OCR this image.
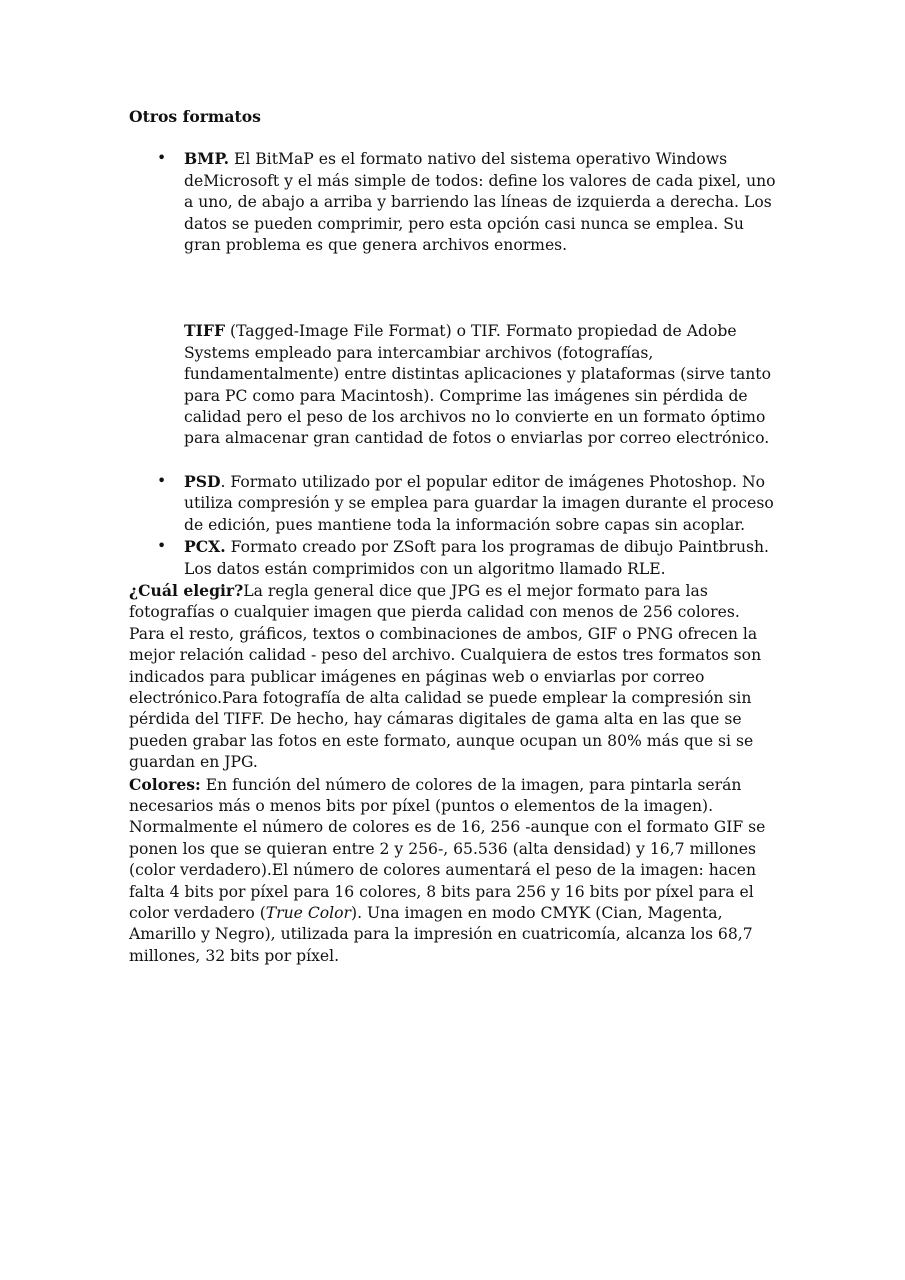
Otros formatos
• BMP. El BitMaP es el formato nativo del sistema operativo Windows deMicrosoft y el más simple de todos: define los valores de cada pixel, uno a uno, de abajo a arriba y barriendo las líneas de izquierda a derecha. Los datos se pueden comprimir, pero esta opción casi nunca se emplea. Su gran problema es que genera archivos enormes.
TIFF (Tagged-Image File Format) o TIF. Formato propiedad de Adobe Systems empleado para intercambiar archivos (fotografías, fundamentalmente) entre distintas aplicaciones y plataformas (sirve tanto para PC como para Macintosh). Comprime las imágenes sin pérdida de calidad pero el peso de los archivos no lo convierte en un formato óptimo para almacenar gran cantidad de fotos o enviarlas por correo electrónico.
• PSD. Formato utilizado por el popular editor de imágenes Photoshop. No utiliza compresión y se emplea para guardar la imagen durante el proceso de edición, pues mantiene toda la información sobre capas sin acoplar.
• PCX. Formato creado por ZSoft para los programas de dibujo Paintbrush. Los datos están comprimidos con un algoritmo llamado RLE.

¿Cuál elegir?La regla general dice que JPG es el mejor formato para las fotografías o cualquier imagen que pierda calidad con menos de 256 colores. Para el resto, gráficos, textos o combinaciones de ambos, GIF o PNG ofrecen la mejor relación calidad - peso del archivo. Cualquiera de estos tres formatos son indicados para publicar imágenes en páginas web o enviarlas por correo electrónico.Para fotografía de alta calidad se puede emplear la compresión sin pérdida del TIFF. De hecho, hay cámaras digitales de gama alta en las que se pueden grabar las fotos en este formato, aunque ocupan un 80% más que si se guardan en JPG.

Colores: En función del número de colores de la imagen, para pintarla serán necesarios más o menos bits por píxel (puntos o elementos de la imagen). Normalmente el número de colores es de 16, 256 -aunque con el formato GIF se ponen los que se quieran entre 2 y 256-, 65.536 (alta densidad) y 16,7 millones (color verdadero).El número de colores aumentará el peso de la imagen: hacen falta 4 bits por píxel para 16 colores, 8 bits para 256 y 16 bits por píxel para el color verdadero (True Color). Una imagen en modo CMYK (Cian, Magenta, Amarillo y Negro), utilizada para la impresión en cuatricomía, alcanza los 68,7 millones, 32 bits por píxel.
